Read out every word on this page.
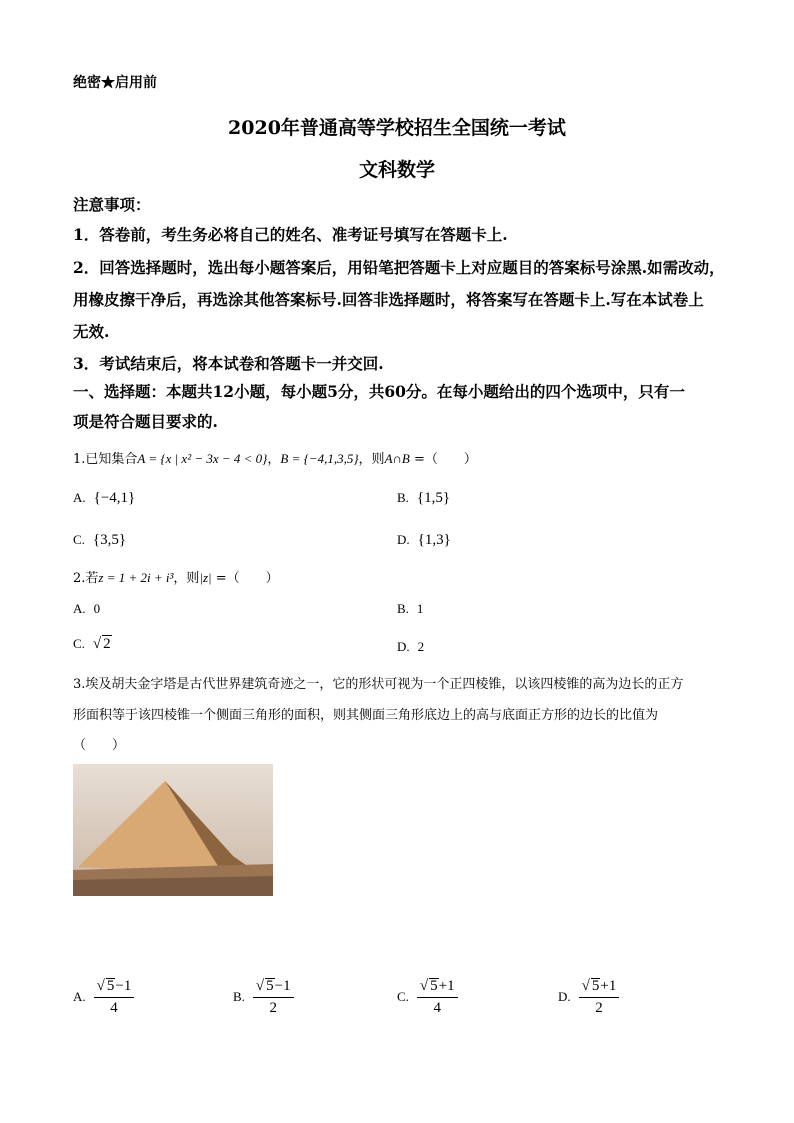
绝密★启用前
2020年普通高等学校招生全国统一考试
文科数学
注意事项：
1．答卷前，考生务必将自己的姓名、准考证号填写在答题卡上.
2．回答选择题时，选出每小题答案后，用铅笔把答题卡上对应题目的答案标号涂黑.如需改动，
用橡皮擦干净后，再选涂其他答案标号.回答非选择题时，将答案写在答题卡上.写在本试卷上
无效.
3．考试结束后，将本试卷和答题卡一并交回.
一、选择题：本题共12小题，每小题5分，共60分。在每小题给出的四个选项中，只有一
项是符合题目要求的.
1.已知集合A = {x | x² − 3x − 4 < 0}，B = {−4,1,3,5}，则A∩B =（　　）
A. {−4,1}	B. {1,5}
C. {3,5}	D. {1,3}
2.若z = 1 + 2i + i³，则|z| =（　　）
A. 0	B. 1
C. √ 2	D. 2
3.埃及胡夫金字塔是古代世界建筑奇迹之一，它的形状可视为一个正四棱锥，以该四棱锥的高为边长的正方
形面积等于该四棱锥一个侧面三角形的面积，则其侧面三角形底边上的高与底面正方形的边长的比值为
（　　）
A. $\frac{√ 5-1}{4}$	B. $\frac{√ 5-1}{2}$	C. $\frac{√ 5+1}{4}$	D. $\frac{√ 5+1}{2}$
